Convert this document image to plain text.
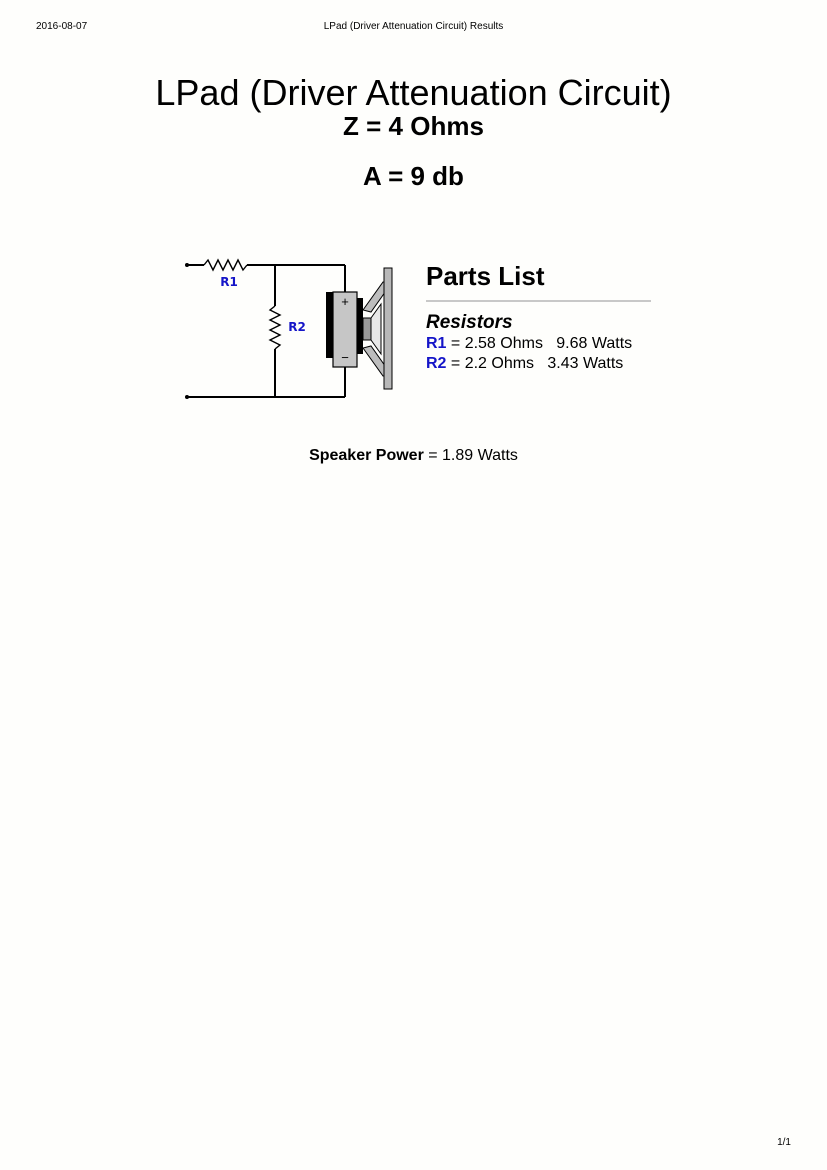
2016-08-07	LPad (Driver Attenuation Circuit) Results
LPad (Driver Attenuation Circuit)
Z = 4 Ohms
A = 9 db
+
−
R1
R2
Parts List
Resistors
R1 = 2.58 Ohms   9.68 Watts
R2 = 2.2 Ohms   3.43 Watts
Speaker Power = 1.89 Watts
1/1
